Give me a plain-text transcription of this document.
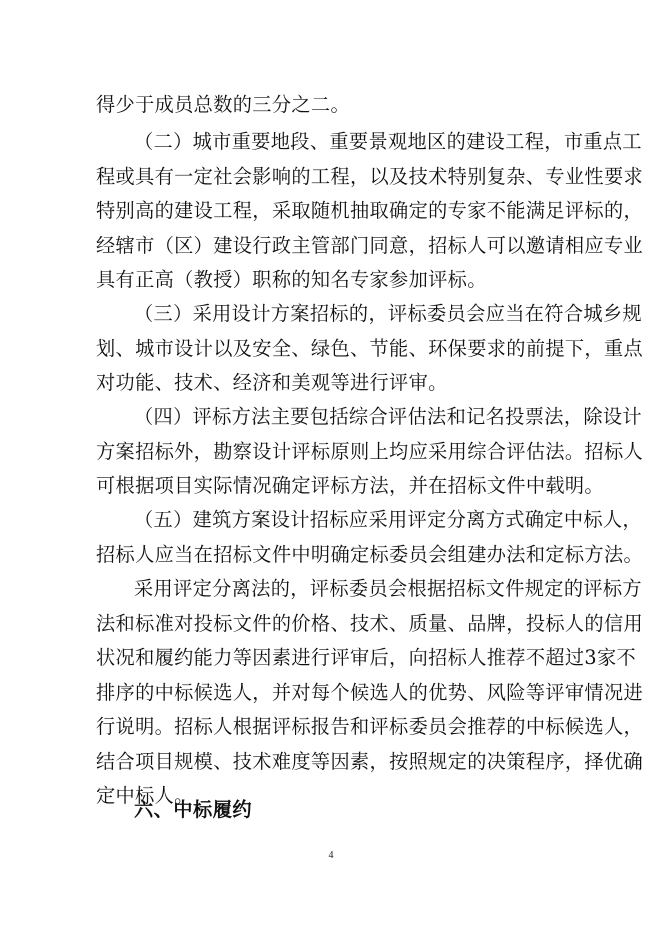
得少于成员总数的三分之二。
（二）城市重要地段、重要景观地区的建设工程，市重点工
程或具有一定社会影响的工程，以及技术特别复杂、专业性要求
特别高的建设工程，采取随机抽取确定的专家不能满足评标的，
经辖市（区）建设行政主管部门同意，招标人可以邀请相应专业
具有正高（教授）职称的知名专家参加评标。
（三）采用设计方案招标的，评标委员会应当在符合城乡规
划、城市设计以及安全、绿色、节能、环保要求的前提下，重点
对功能、技术、经济和美观等进行评审。
（四）评标方法主要包括综合评估法和记名投票法，除设计
方案招标外，勘察设计评标原则上均应采用综合评估法。招标人
可根据项目实际情况确定评标方法，并在招标文件中载明。
（五）建筑方案设计招标应采用评定分离方式确定中标人，
招标人应当在招标文件中明确定标委员会组建办法和定标方法。
采用评定分离法的，评标委员会根据招标文件规定的评标方
法和标准对投标文件的价格、技术、质量、品牌，投标人的信用
状况和履约能力等因素进行评审后，向招标人推荐不超过3家不
排序的中标候选人，并对每个候选人的优势、风险等评审情况进
行说明。招标人根据评标报告和评标委员会推荐的中标候选人，
结合项目规模、技术难度等因素，按照规定的决策程序，择优确
定中标人。
六、中标履约
4
